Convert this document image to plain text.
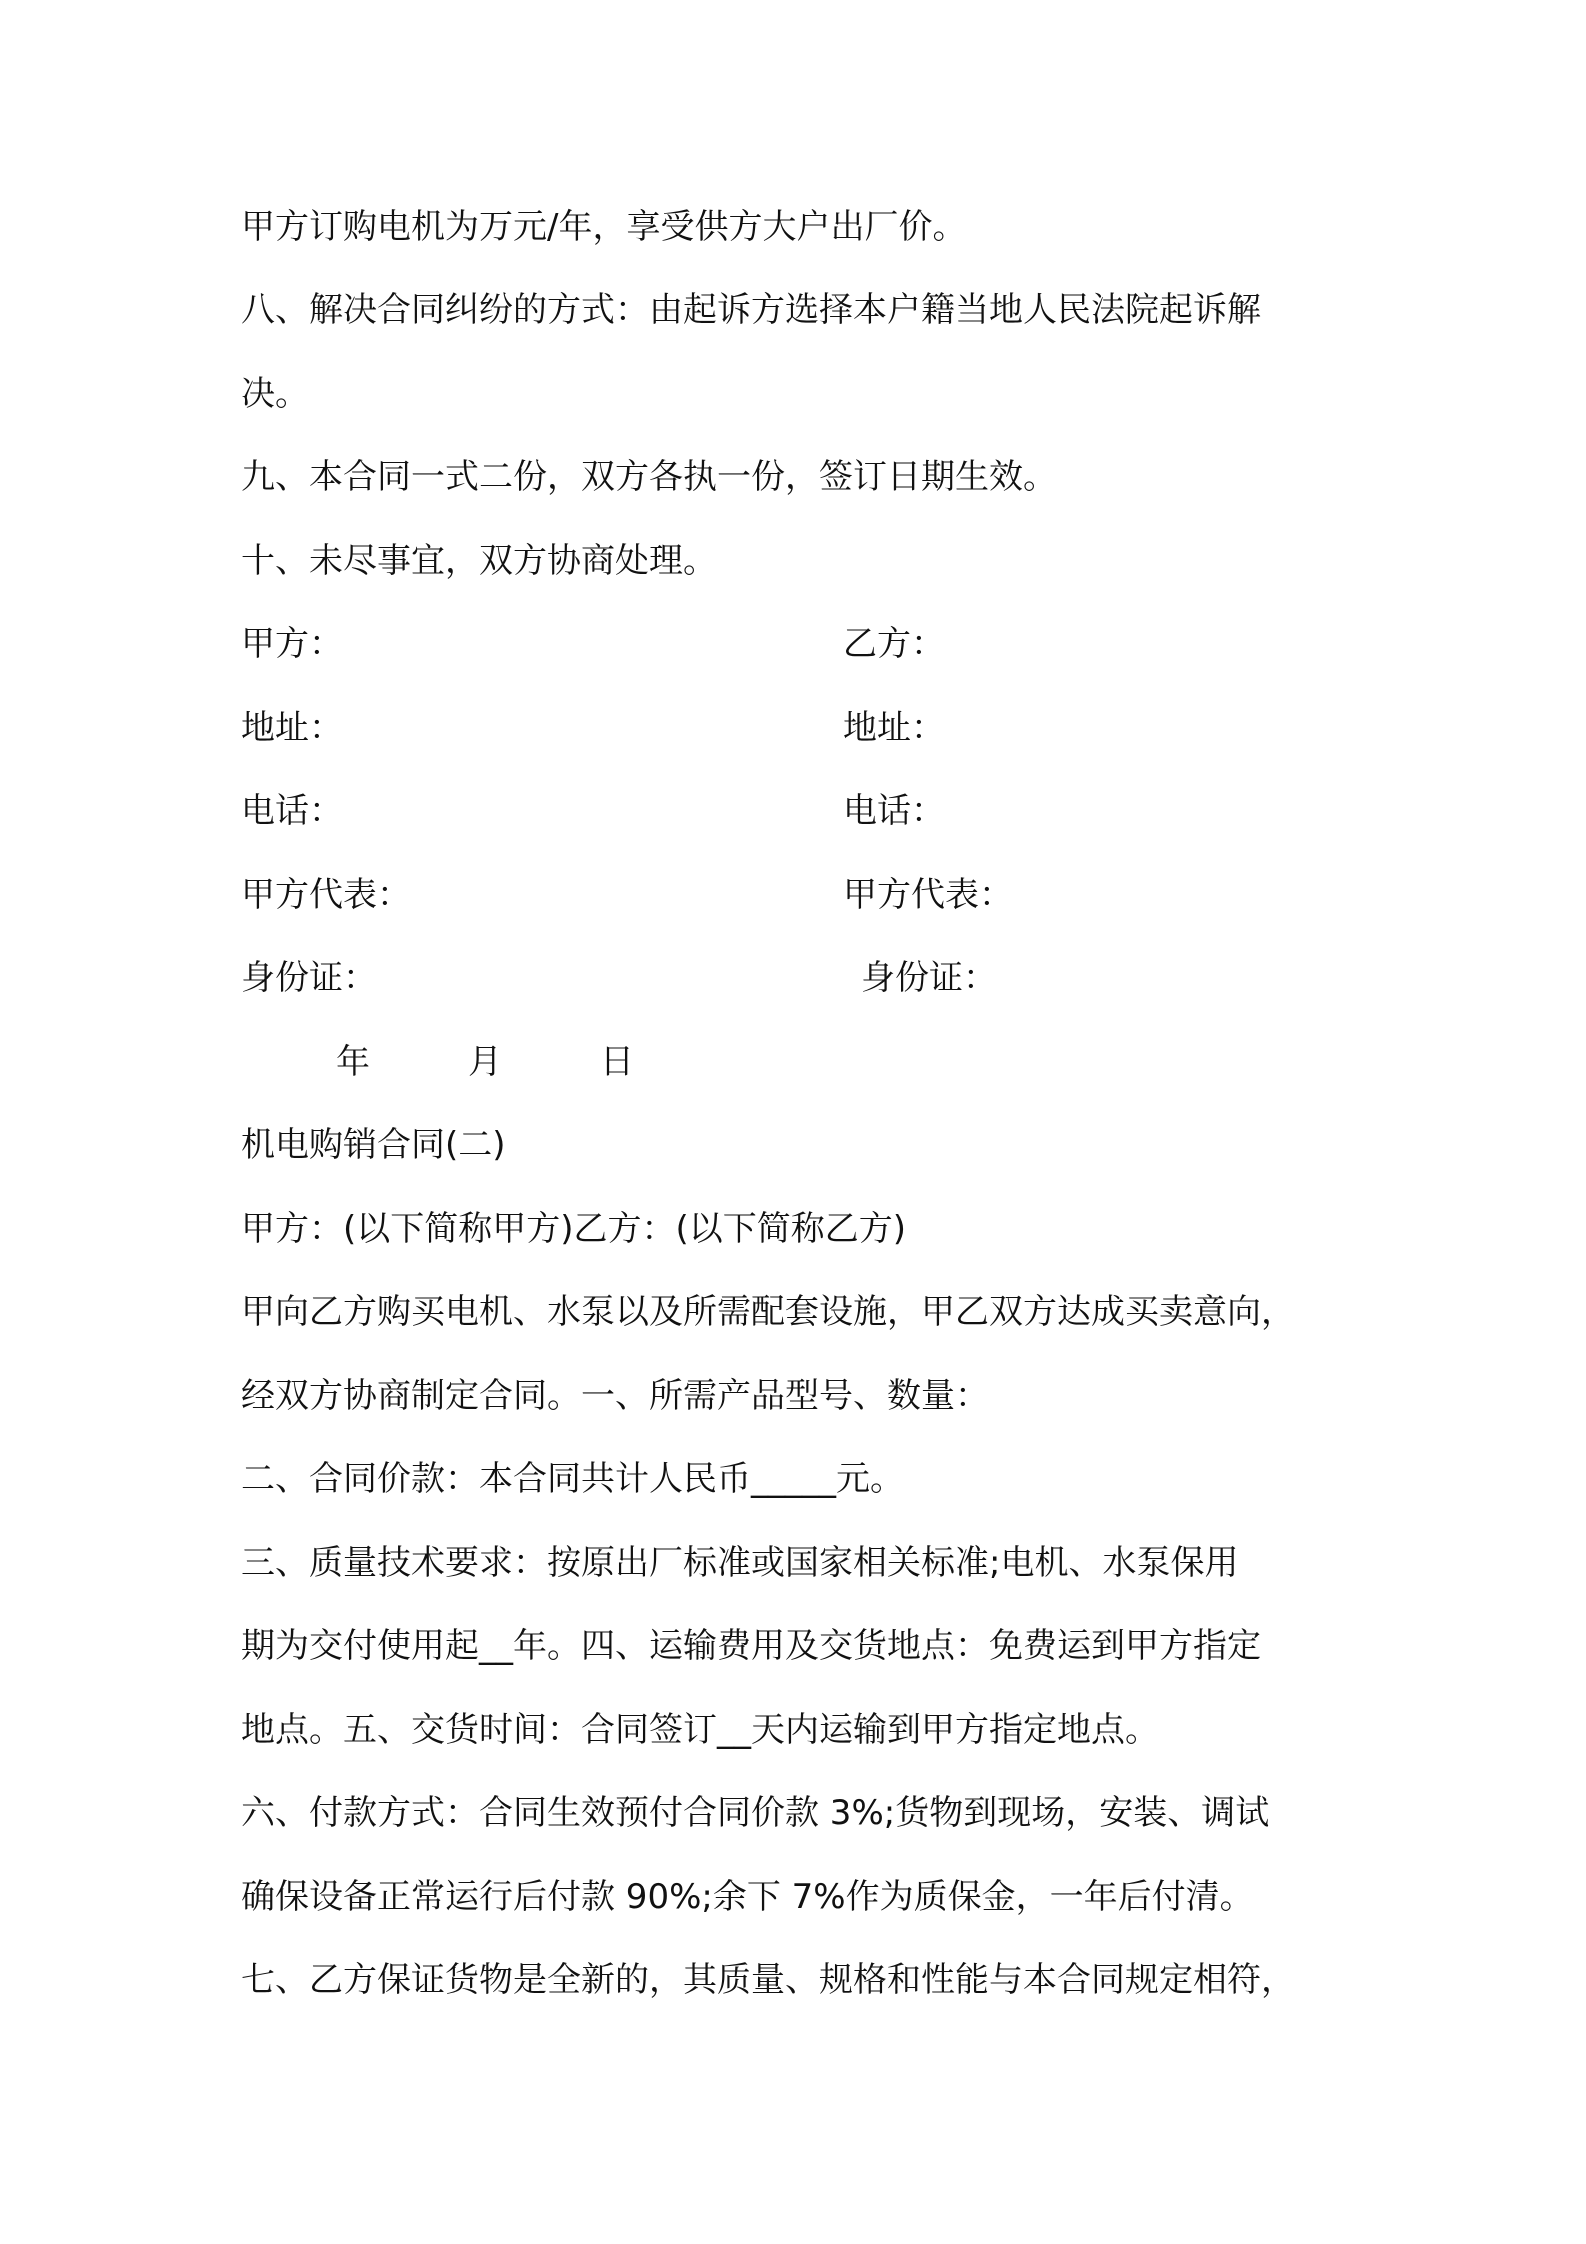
甲方订购电机为万元/年，享受供方大户出厂价。
八、解决合同纠纷的方式：由起诉方选择本户籍当地人民法院起诉解
决。
九、本合同一式二份，双方各执一份，签订日期生效。
十、未尽事宜，双方协商处理。
甲方：	乙方：
地址：	地址：
电话：	电话：
甲方代表：	甲方代表：
身份证：	身份证：
年	月	日
机电购销合同(二)
甲方：(以下简称甲方)乙方：(以下简称乙方)
甲向乙方购买电机、水泵以及所需配套设施，甲乙双方达成买卖意向，
经双方协商制定合同。一、所需产品型号、数量：
二、合同价款：本合同共计人民币_____元。
三、质量技术要求：按原出厂标准或国家相关标准;电机、水泵保用
期为交付使用起__年。四、运输费用及交货地点：免费运到甲方指定
地点。五、交货时间：合同签订__天内运输到甲方指定地点。
六、付款方式：合同生效预付合同价款 3%;货物到现场，安装、调试
确保设备正常运行后付款 90%;余下 7%作为质保金，一年后付清。
七、乙方保证货物是全新的，其质量、规格和性能与本合同规定相符，
